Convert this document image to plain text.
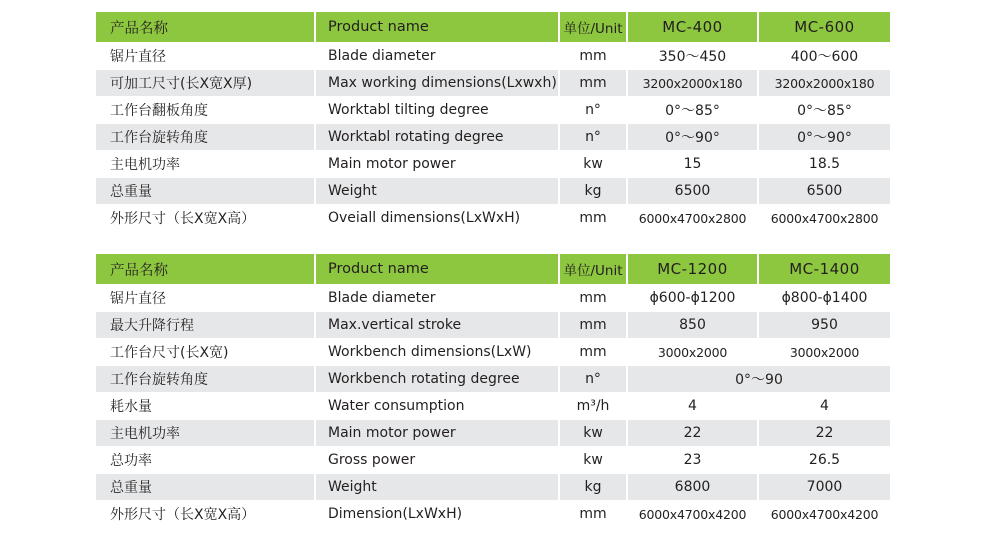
产品名称	Product name	单位/Unit	MC-400	MC-600
锯片直径	Blade diameter	mm	350～450	400～600
可加工尺寸(长X宽X厚)	Max working dimensions(Lxwxh)	mm	3200x2000x180	3200x2000x180
工作台翻板角度	Worktabl tilting degree	n°	0°～85°	0°～85°
工作台旋转角度	Worktabl rotating degree	n°	0°～90°	0°～90°
主电机功率	Main motor power	kw	15	18.5
总重量	Weight	kg	6500	6500
外形尺寸（长X宽X高）	Oveiall dimensions(LxWxH)	mm	6000x4700x2800	6000x4700x2800
产品名称	Product name	单位/Unit	MC-1200	MC-1400
锯片直径	Blade diameter	mm	ɸ600-ɸ1200	ɸ800-ɸ1400
最大升降行程	Max.vertical stroke	mm	850	950
工作台尺寸(长X宽)	Workbench dimensions(LxW)	mm	3000x2000	3000x2000
工作台旋转角度	Workbench rotating degree	n°	0°～90	
耗水量	Water consumption	m³/h	4	4
主电机功率	Main motor power	kw	22	22
总功率	Gross power	kw	23	26.5
总重量	Weight	kg	6800	7000
外形尺寸（长X宽X高）	Dimension(LxWxH)	mm	6000x4700x4200	6000x4700x4200
